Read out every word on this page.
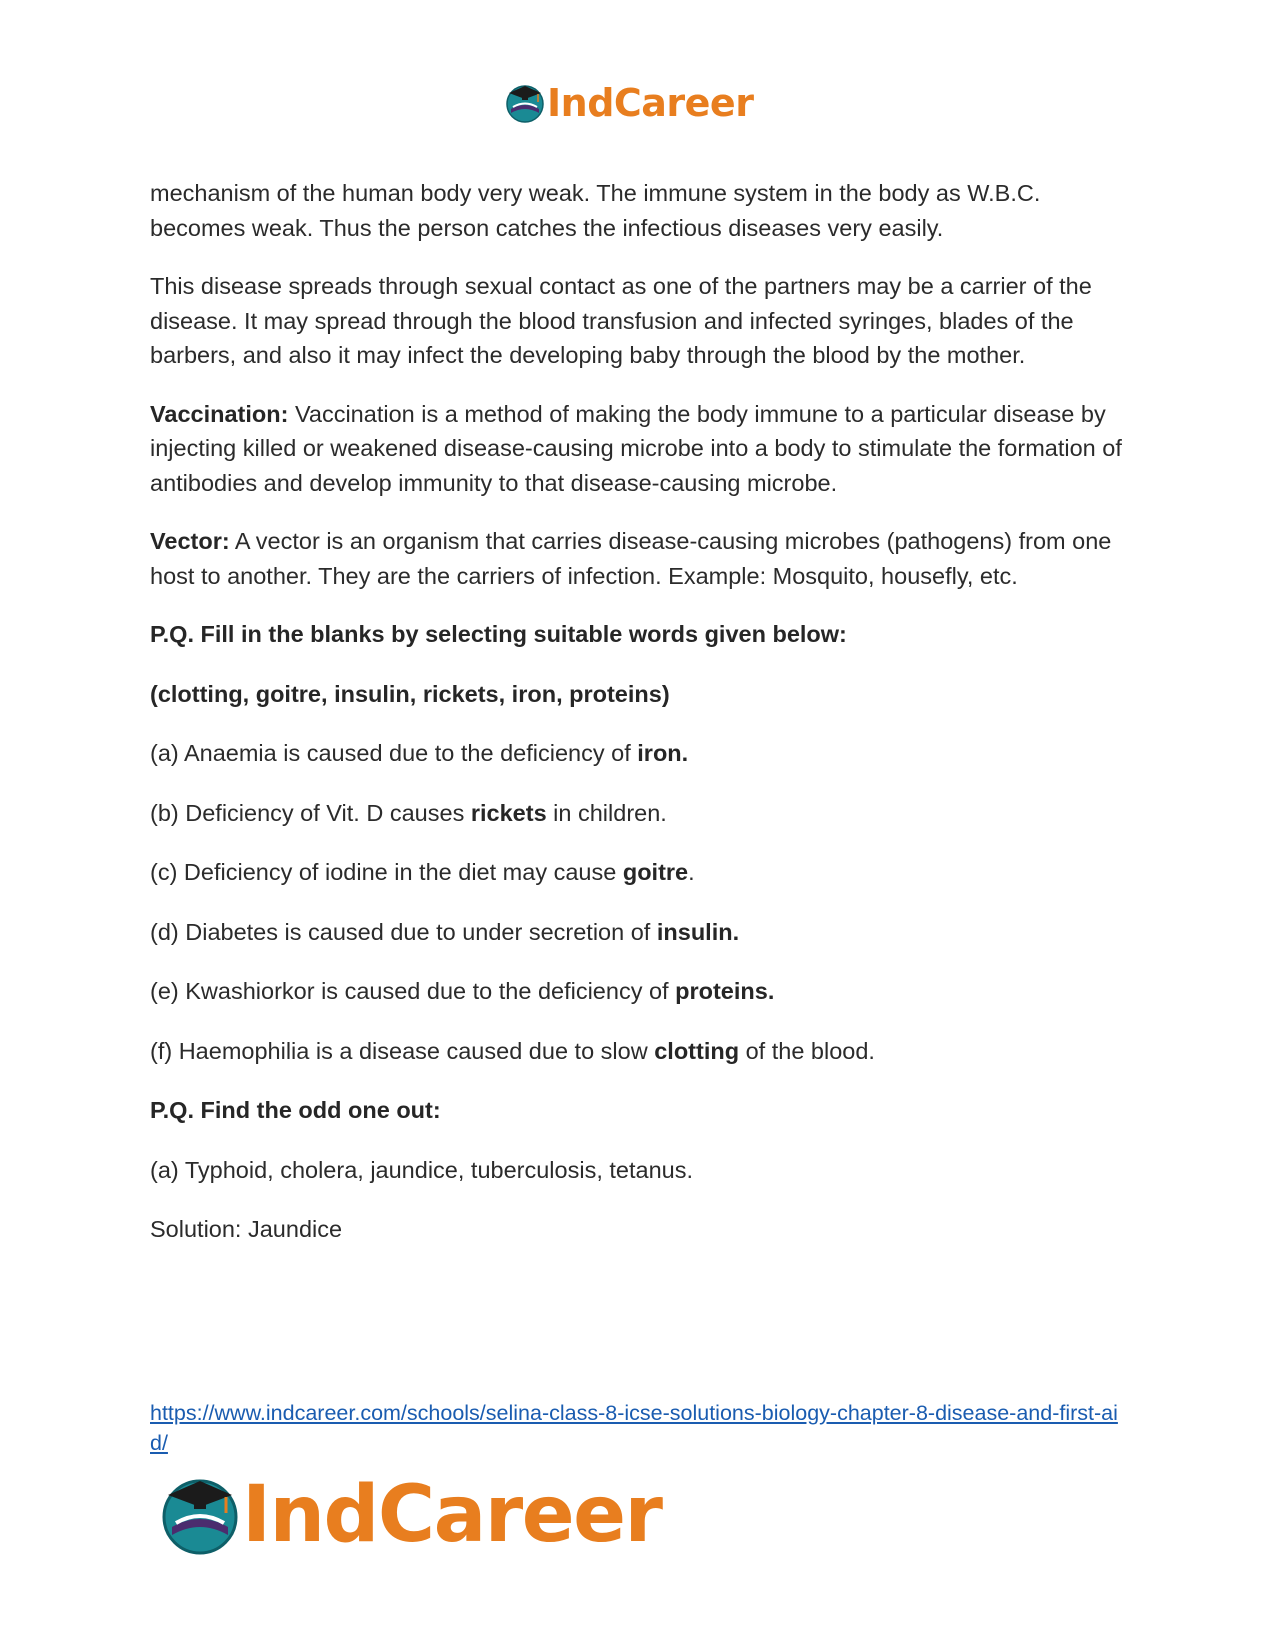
IndCareer

mechanism of the human body very weak. The immune system in the body as W.B.C. becomes weak. Thus the person catches the infectious diseases very easily.

This disease spreads through sexual contact as one of the partners may be a carrier of the disease. It may spread through the blood transfusion and infected syringes, blades of the barbers, and also it may infect the developing baby through the blood by the mother.

Vaccination: Vaccination is a method of making the body immune to a particular disease by injecting killed or weakened disease-causing microbe into a body to stimulate the formation of antibodies and develop immunity to that disease-causing microbe.

Vector: A vector is an organism that carries disease-causing microbes (pathogens) from one host to another. They are the carriers of infection. Example: Mosquito, housefly, etc.

P.Q. Fill in the blanks by selecting suitable words given below:

(clotting, goitre, insulin, rickets, iron, proteins)

(a) Anaemia is caused due to the deficiency of iron.

(b) Deficiency of Vit. D causes rickets in children.

(c) Deficiency of iodine in the diet may cause goitre.

(d) Diabetes is caused due to under secretion of insulin.

(e) Kwashiorkor is caused due to the deficiency of proteins.

(f) Haemophilia is a disease caused due to slow clotting of the blood.

P.Q. Find the odd one out:

(a) Typhoid, cholera, jaundice, tuberculosis, tetanus.

Solution: Jaundice

https://www.indcareer.com/schools/selina-class-8-icse-solutions-biology-chapter-8-disease-and-first-aid/
IndCareer
